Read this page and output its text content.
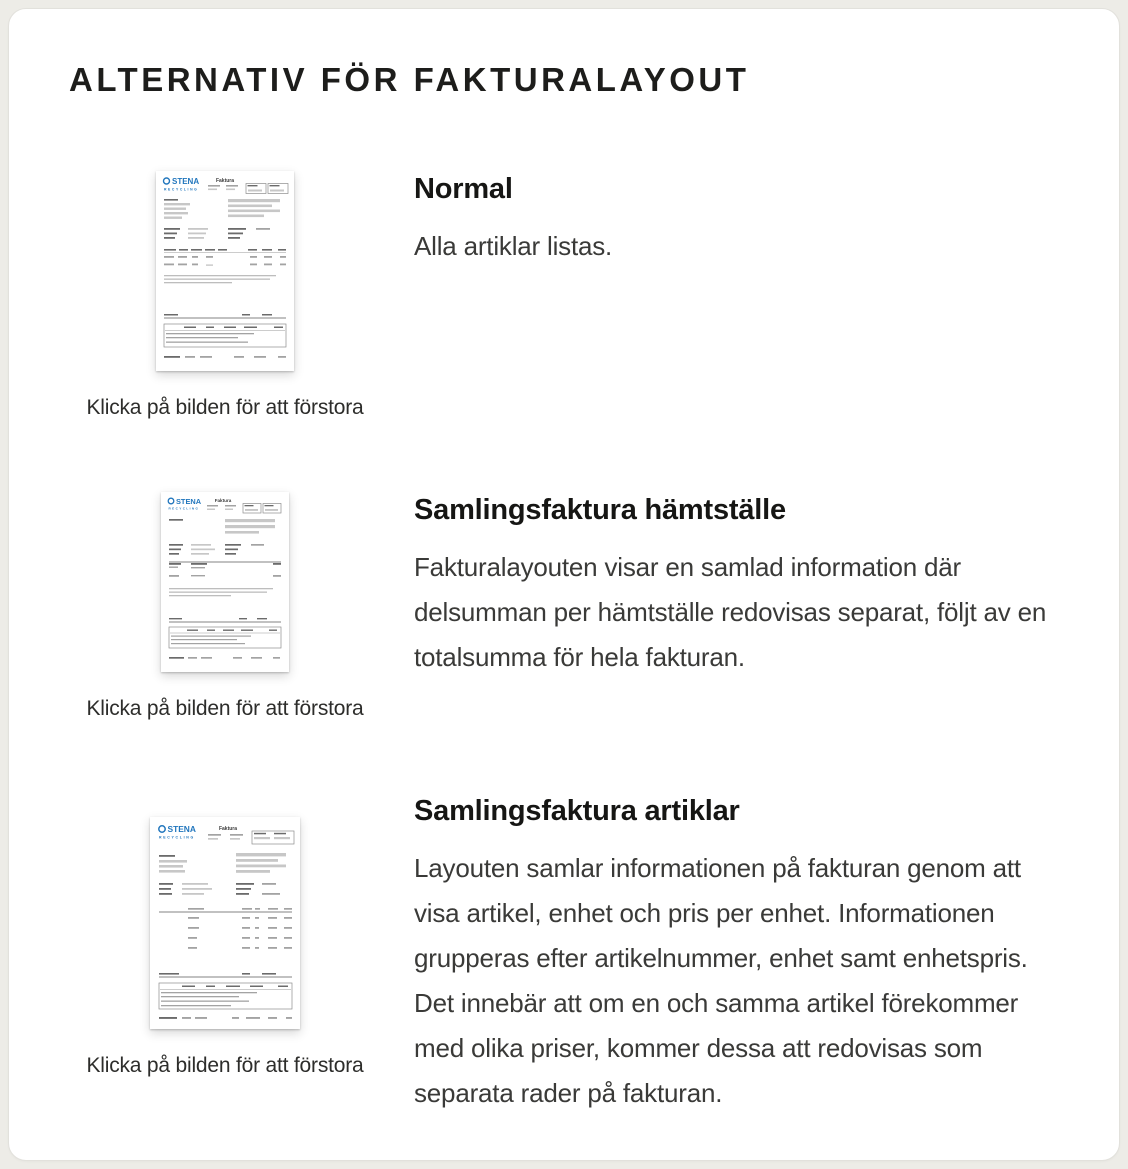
ALTERNATIV FÖR FAKTURALAYOUT
STENA
RECYCLING
Faktura
Klicka på bilden för att förstora
Normal

Alla artiklar listas.

STENA
RECYCLING
Faktura
Klicka på bilden för att förstora
Samlingsfaktura hämtställe

Fakturalayouten visar en samlad information där delsumman per hämtställe redovisas separat, följt av en totalsumma för hela fakturan.

STENA
RECYCLING
Faktura
Klicka på bilden för att förstora
Samlingsfaktura artiklar

Layouten samlar informationen på fakturan genom att visa artikel, enhet och pris per enhet. Informationen grupperas efter artikelnummer, enhet samt enhetspris. Det innebär att om en och samma artikel förekommer med olika priser, kommer dessa att redovisas som separata rader på fakturan.
